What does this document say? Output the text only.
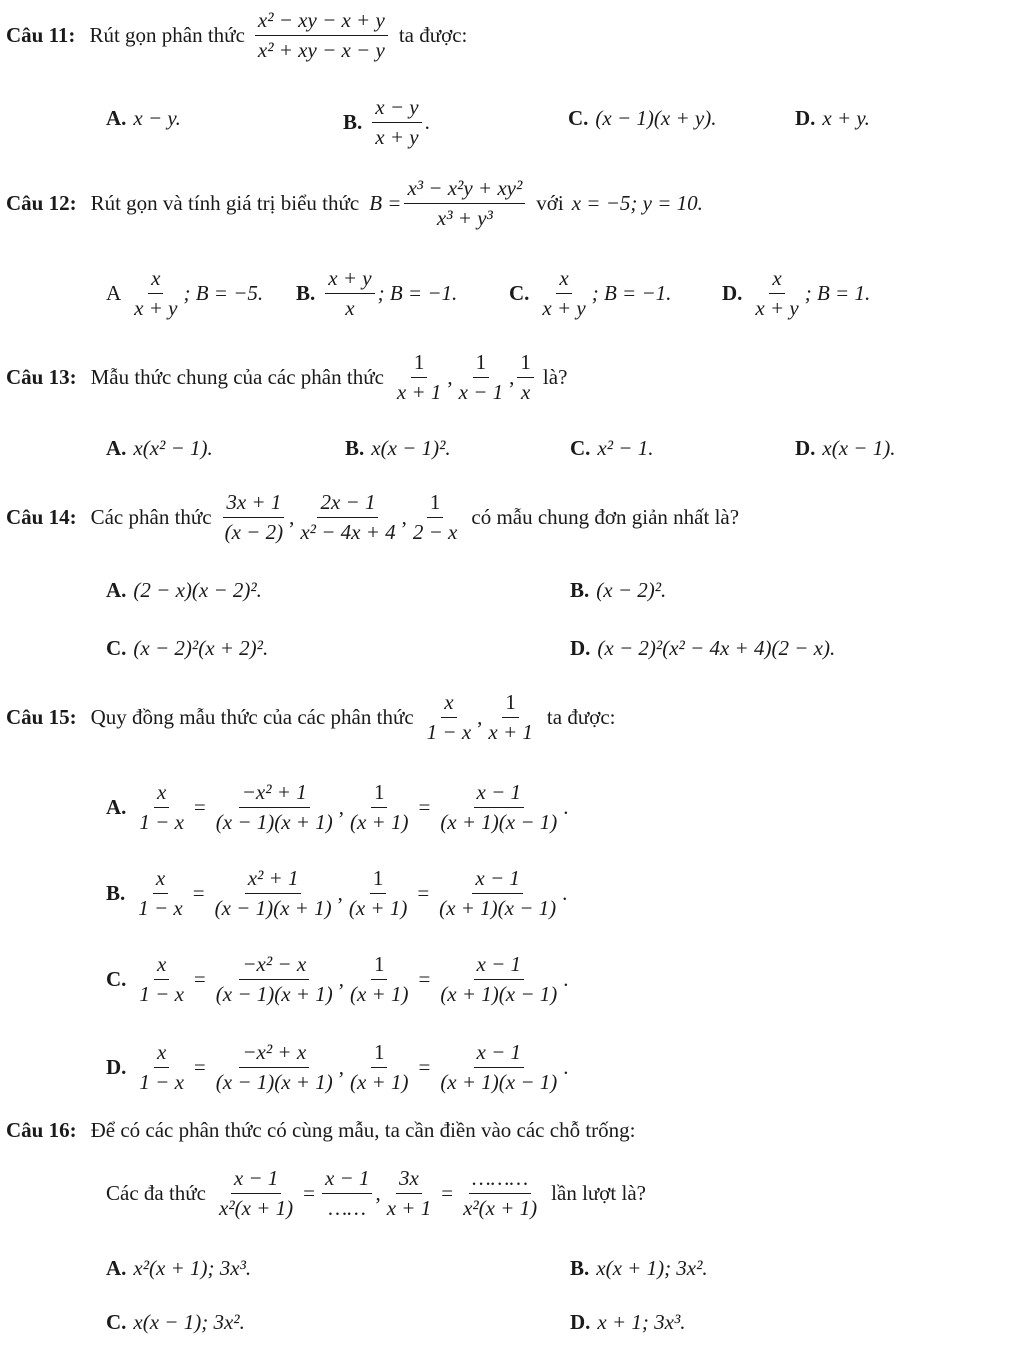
Câu 11: Rút gọn phân thức $\frac{\text{x² − xy − x + y}}{\text{x² + xy − x − y}}$ ta được:
A. x − y.	B. $\frac{x - y}{x + y}$ .	C. (x − 1)(x + y).	D. x + y.
Câu 12: Rút gọn và tính giá trị biểu thức $B = \frac{\text{x³ − x²y + xy²}}{\text{x³ + y³}}$ với x = −5; y = 10.
A $\frac{x}{x + y}$ ; B = −5. B. $\frac{x + y}{x}$ ; B = −1. C. $\frac{x}{x + y}$ ; B = −1. D. $\frac{x}{x + y}$ ; B = 1.
Câu 13: Mẫu thức chung của các phân thức $\frac{1}{x + 1}$ , $\frac{1}{x - 1}$ , $\frac{1}{x}$ là?
A. x(x² − 1).	B. x(x − 1)².	C. x² − 1.	D. x(x − 1).
Câu 14: Các phân thức $\frac{3x + 1}{(x - 2)}$ , $\frac{2x - 1}{\text{x² − 4x + 4}}$ , $\frac{1}{2 - x}$ có mẫu chung đơn giản nhất là?
A. (2 − x)(x − 2)².	B. (x − 2)².
C. (x − 2)²(x + 2)².	D. (x − 2)²(x² − 4x + 4)(2 − x).
Câu 15: Quy đồng mẫu thức của các phân thức $\frac{x}{1 - x}$ , $\frac{1}{x + 1}$ ta được:
A. $\frac{x}{1 - x} = \frac{\text{−x² + 1}}{(x - 1)(x + 1)}$ , $\frac{1}{(x + 1)} = \frac{x - 1}{(x + 1)(x - 1)}$ .
B. $\frac{x}{1 - x} = \frac{\text{x² + 1}}{(x - 1)(x + 1)}$ , $\frac{1}{(x + 1)} = \frac{x - 1}{(x + 1)(x - 1)}$ .
C. $\frac{x}{1 - x} = \frac{\text{−x² − x}}{(x - 1)(x + 1)}$ , $\frac{1}{(x + 1)} = \frac{x - 1}{(x + 1)(x - 1)}$ .
D. $\frac{x}{1 - x} = \frac{\text{−x² + x}}{(x - 1)(x + 1)}$ , $\frac{1}{(x + 1)} = \frac{x - 1}{(x + 1)(x - 1)}$ .
Câu 16: Để có các phân thức có cùng mẫu, ta cần điền vào các chỗ trống:
Các đa thức $\frac{x - 1}{\text{x²(x + 1)}} = \frac{x - 1}{\dots\dots}$ , $\frac{3x}{x + 1} = \frac{\dots\dots\dots}{\text{x²(x + 1)}}$ lần lượt là?
A. x²(x + 1); 3x³.	B. x(x + 1); 3x².
C. x(x − 1); 3x².	D. x + 1; 3x³.
